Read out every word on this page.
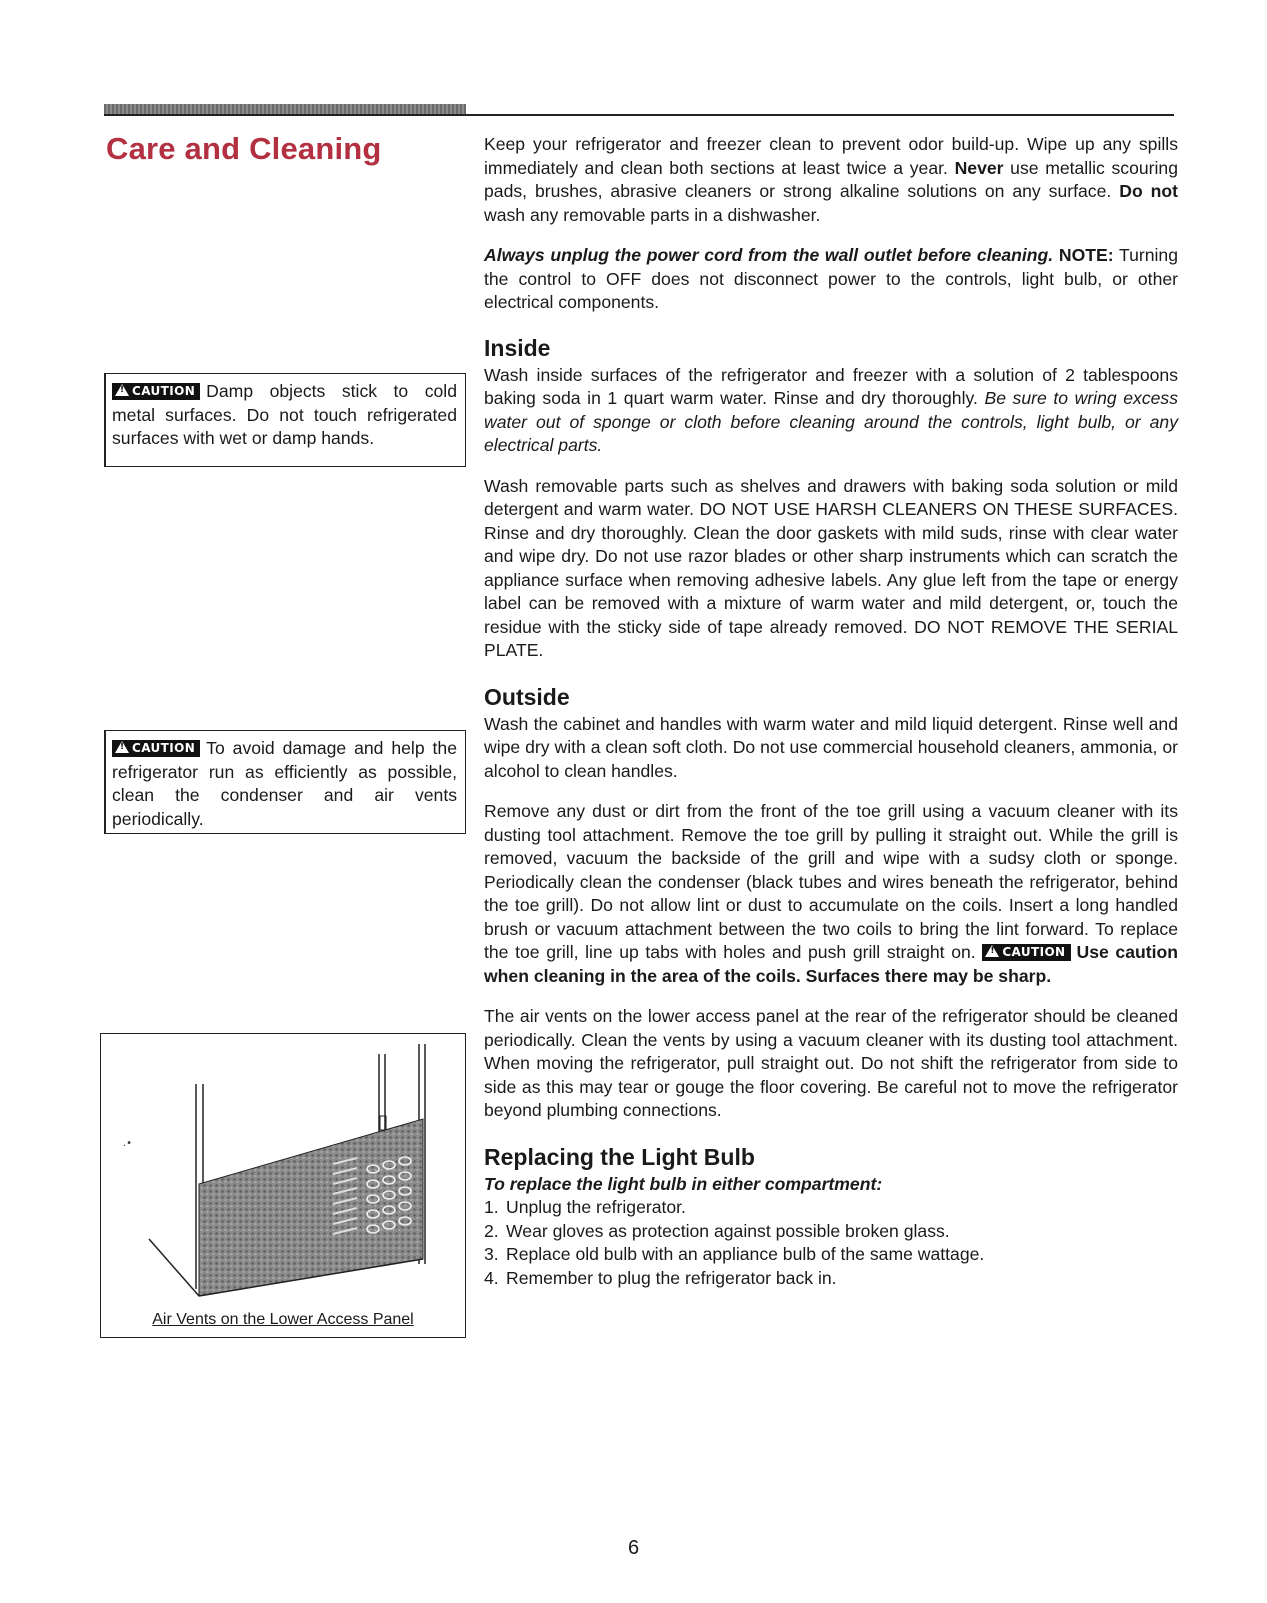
Care and Cleaning
!CAUTION Damp objects stick to cold metal surfaces. Do not touch refrigerated surfaces with wet or damp hands.
!CAUTION To avoid damage and help the refrigerator run as efficiently as possible, clean the condenser and air vents periodically.
.•
Air Vents on the Lower Access Panel

Keep your refrigerator and freezer clean to prevent odor build-up. Wipe up any spills immediately and clean both sections at least twice a year. Never use metallic scouring pads, brushes, abrasive cleaners or strong alkaline solutions on any surface. Do not wash any removable parts in a dishwasher.

Always unplug the power cord from the wall outlet before cleaning. NOTE: Turning the control to OFF does not disconnect power to the controls, light bulb, or other electrical components.

Inside

Wash inside surfaces of the refrigerator and freezer with a solution of 2 tablespoons baking soda in 1 quart warm water. Rinse and dry thoroughly. Be sure to wring excess water out of sponge or cloth before cleaning around the controls, light bulb, or any electrical parts.

Wash removable parts such as shelves and drawers with baking soda solution or mild detergent and warm water. DO NOT USE HARSH CLEANERS ON THESE SURFACES. Rinse and dry thoroughly. Clean the door gaskets with mild suds, rinse with clear water and wipe dry. Do not use razor blades or other sharp instruments which can scratch the appliance surface when removing adhesive labels. Any glue left from the tape or energy label can be removed with a mixture of warm water and mild detergent, or, touch the residue with the sticky side of tape already removed. DO NOT REMOVE THE SERIAL PLATE.

Outside

Wash the cabinet and handles with warm water and mild liquid detergent. Rinse well and wipe dry with a clean soft cloth. Do not use commercial household cleaners, ammonia, or alcohol to clean handles.

Remove any dust or dirt from the front of the toe grill using a vacuum cleaner with its dusting tool attachment. Remove the toe grill by pulling it straight out. While the grill is removed, vacuum the backside of the grill and wipe with a sudsy cloth or sponge. Periodically clean the condenser (black tubes and wires beneath the refrigerator, behind the toe grill). Do not allow lint or dust to accumulate on the coils. Insert a long handled brush or vacuum attachment between the two coils to bring the lint forward. To replace the toe grill, line up tabs with holes and push grill straight on. !CAUTION Use caution when cleaning in the area of the coils. Surfaces there may be sharp.

The air vents on the lower access panel at the rear of the refrigerator should be cleaned periodically. Clean the vents by using a vacuum cleaner with its dusting tool attachment. When moving the refrigerator, pull straight out. Do not shift the refrigerator from side to side as this may tear or gouge the floor covering. Be careful not to move the refrigerator beyond plumbing connections.

Replacing the Light Bulb

To replace the light bulb in either compartment:

1. Unplug the refrigerator.
2. Wear gloves as protection against possible broken glass.
3. Replace old bulb with an appliance bulb of the same wattage.
4. Remember to plug the refrigerator back in.
6
